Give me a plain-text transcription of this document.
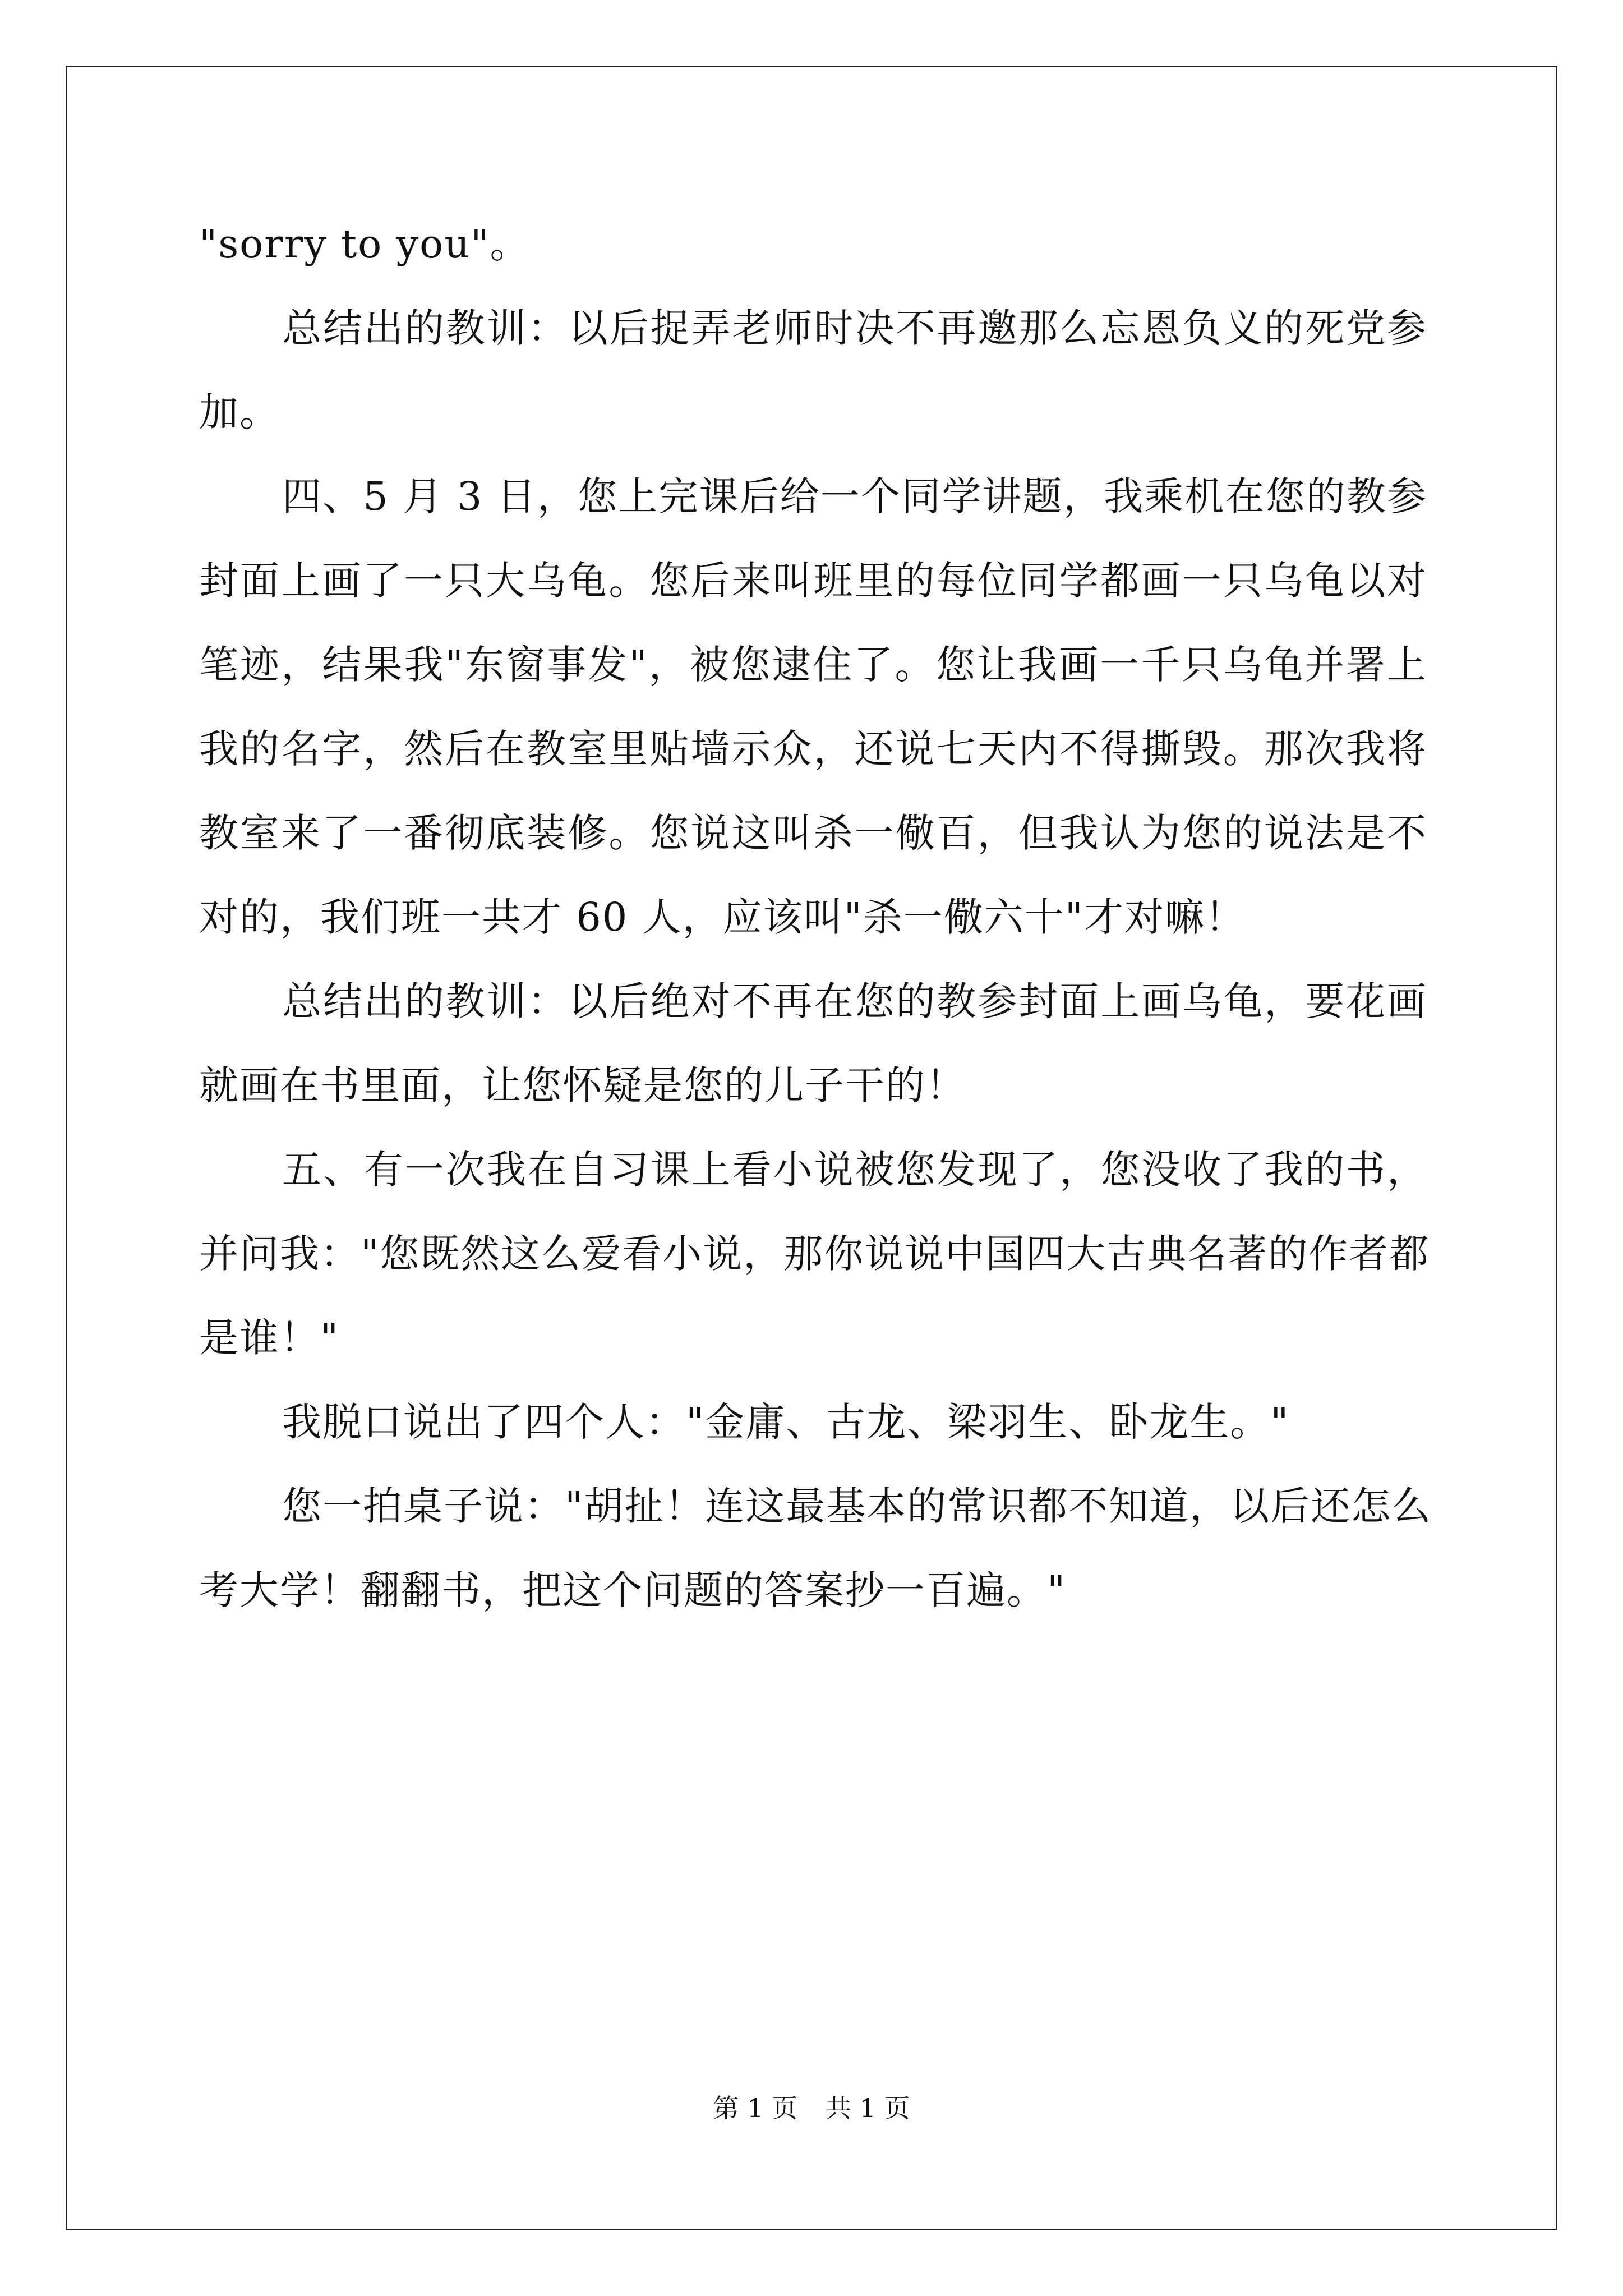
"sorry to you"。
总结出的教训：以后捉弄老师时决不再邀那么忘恩负义的死党参
加。
四、5 月 3 日，您上完课后给一个同学讲题，我乘机在您的教参
封面上画了一只大乌龟。您后来叫班里的每位同学都画一只乌龟以对
笔迹，结果我"东窗事发"，被您逮住了。您让我画一千只乌龟并署上
我的名字，然后在教室里贴墙示众，还说七天内不得撕毁。那次我将
教室来了一番彻底装修。您说这叫杀一儆百，但我认为您的说法是不
对的，我们班一共才 60 人，应该叫"杀一儆六十"才对嘛！
总结出的教训：以后绝对不再在您的教参封面上画乌龟，要花画
就画在书里面，让您怀疑是您的儿子干的！
五、有一次我在自习课上看小说被您发现了，您没收了我的书，
并问我："您既然这么爱看小说，那你说说中国四大古典名著的作者都
是谁！"
我脱口说出了四个人："金庸、古龙、梁羽生、卧龙生。"
您一拍桌子说："胡扯！连这最基本的常识都不知道，以后还怎么
考大学！翻翻书，把这个问题的答案抄一百遍。"
第 1 页 共 1 页
